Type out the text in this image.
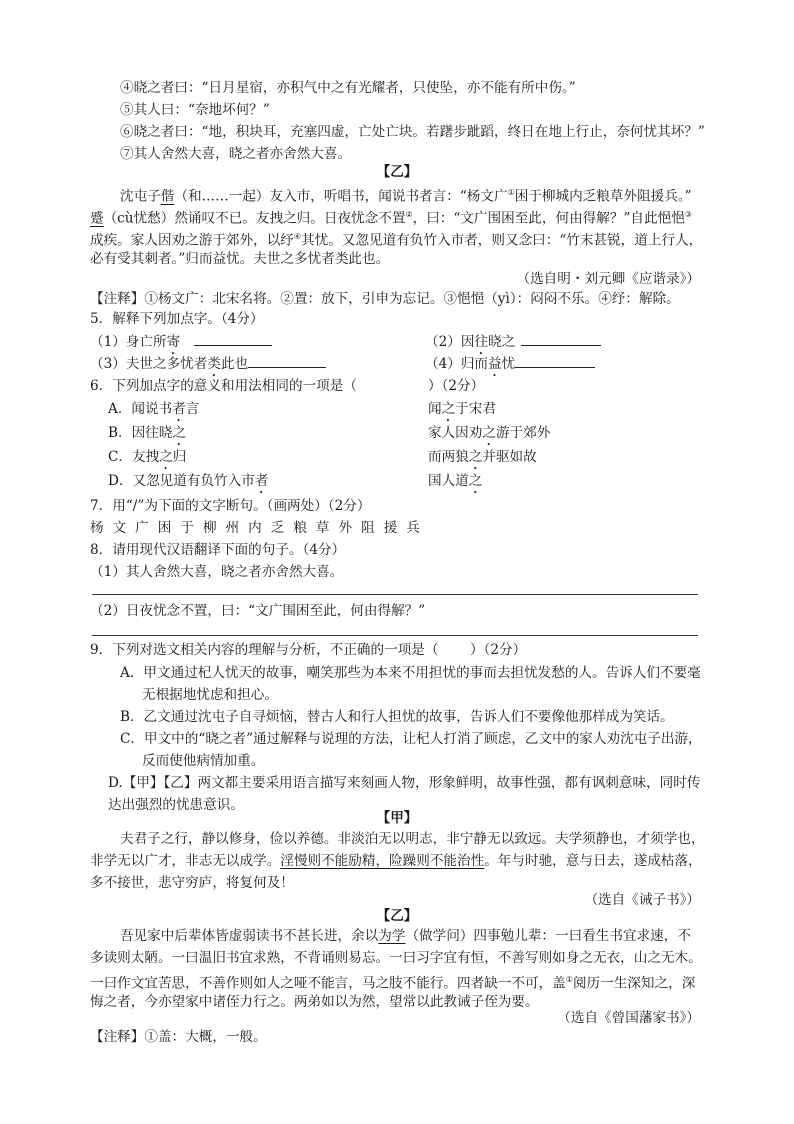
④晓之者曰：“日月星宿，亦积气中之有光耀者，只使坠，亦不能有所中伤。”
⑤其人曰：“奈地坏何？”
⑥晓之者曰：“地，积块耳，充塞四虚，亡处亡块。若躇步跐蹈，终日在地上行止，奈何忧其坏？”
⑦其人舍然大喜，晓之者亦舍然大喜。
【乙】
沈屯子偕（和……一起）友入市，听唱书，闻说书者言：“杨文广①困于柳城内乏粮草外阻援兵。”
蹙（cù忧愁）然诵叹不已。友拽之归。日夜忧念不置②，曰：“文广围困至此，何由得解？”自此悒悒③
成疾。家人因劝之游于郊外，以纾④其忧。又忽见道有负竹入市者，则又念曰：“竹末甚锐，道上行人，
必有受其刺者。”归而益忧。夫世之多忧者类此也。
（选自明・刘元卿《应谐录》）
【注释】①杨文广：北宋名将。②置：放下，引申为忘记。③悒悒（yì）：闷闷不乐。④纾：解除。
5．解释下列加点字。（4分）
（1）身亡所寄	（2）因往晓之
（3）夫世之多忧者类此也	（4）归而益忧
6．下列加点字的意义和用法相同的一项是（	）（2分）
A．闻说书者言	闻之于宋君
B．因往晓之	家人因劝之游于郊外
C．友拽之归	而两狼之并驱如故
D．又忽见道有负竹入市者	国人道之
7．用“/”为下面的文字断句。（画两处）（2分）
杨文广困于柳州内乏粮草外阻援兵
8．请用现代汉语翻译下面的句子。（4分）
（1）其人舍然大喜，晓之者亦舍然大喜。
（2）日夜忧念不置，曰：“文广围困至此，何由得解？”
9．下列对选文相关内容的理解与分析，不正确的一项是（ ）（2分）
A．甲文通过杞人忧天的故事，嘲笑那些为本来不用担忧的事而去担忧发愁的人。告诉人们不要毫
无根据地忧虑和担心。
B．乙文通过沈屯子自寻烦恼，替古人和行人担忧的故事，告诉人们不要像他那样成为笑话。
C．甲文中的“晓之者”通过解释与说理的方法，让杞人打消了顾虑，乙文中的家人劝沈屯子出游，
反而使他病情加重。
D.【甲】【乙】两文都主要采用语言描写来刻画人物，形象鲜明，故事性强，都有讽刺意味，同时传
达出强烈的忧患意识。
【甲】
夫君子之行，静以修身，俭以养德。非淡泊无以明志，非宁静无以致远。夫学须静也，才须学也，
非学无以广才，非志无以成学。淫慢则不能励精，险躁则不能治性。年与时驰，意与日去，遂成枯落，
多不接世，悲守穷庐，将复何及！
（选自《诫子书》）
【乙】
吾见家中后辈体皆虚弱读书不甚长进，余以为学（做学问）四事勉儿辈：一曰看生书宜求速，不
多读则太陋。一曰温旧书宜求熟，不背诵则易忘。一曰习字宜有恒，不善写则如身之无衣，山之无木。
一曰作文宜苦思，不善作则如人之哑不能言，马之肢不能行。四者缺一不可，盖①阅历一生深知之，深
悔之者，今亦望家中诸侄力行之。两弟如以为然，望常以此教诫子侄为要。
（选自《曾国藩家书》）
【注释】①盖：大概，一般。
